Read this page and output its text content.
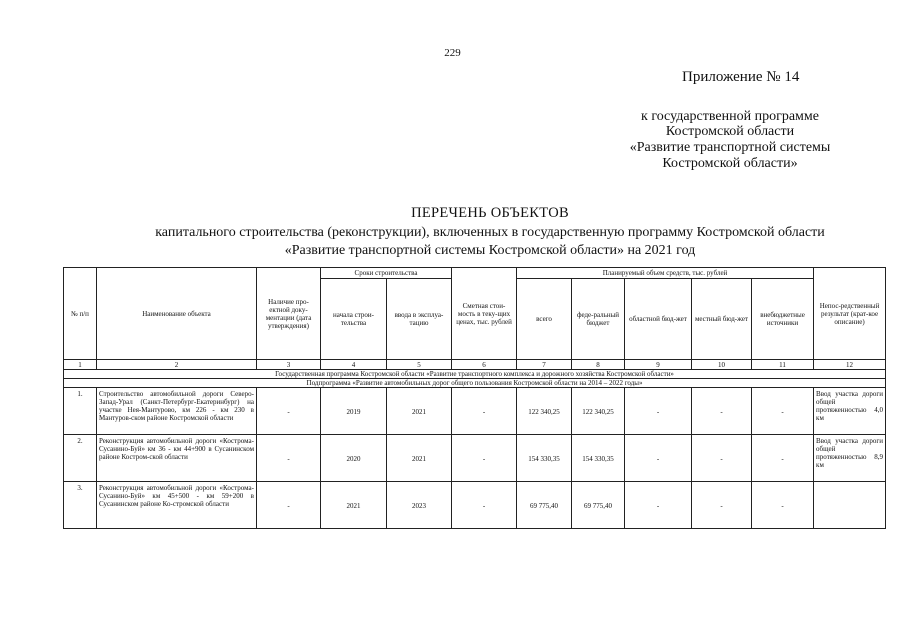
229
Приложение № 14
к государственной программе
Костромской области
«Развитие транспортной системы
Костромской области»
ПЕРЕЧЕНЬ ОБЪЕКТОВ
капитального строительства (реконструкции), включенных в государственную программу Костромской области
«Развитие транспортной системы Костромской области» на 2021 год
№ п/п	Наименование объекта	Наличие про-ектной доку-ментации (дата утверждения)	Сроки строительства		Сметная стои-мость в теку-щих ценах, тыс. рублей	Планируемый объем средств, тыс. рублей					Непос-редственный результат (крат-кое описание)
			начала строи-тельства	ввода в эксплуа-тацию		всего	феде-ральный бюджет	областной бюд-жет	местный бюд-жет	внебюджетные источники	
1	2	3	4	5	6	7	8	9	10	11	12
Государственная программа Костромской области «Развитие транспортного комплекса и дорожного хозяйства Костромской области»											
Подпрограмма «Развитие автомобильных дорог общего пользования Костромской области на 2014 – 2022 годы»											
1.	Строительство автомобильной дороги Северо-Запад-Урал (Санкт-Петербург-Екатеринбург) на участке Нея-Мантурово, км 226 - км 230 в Мантуров-ском районе Костромской области	-	2019	2021	-	122 340,25	122 340,25	-	-	-	Ввод участка дороги общей протяженностью 4,0 км
2.	Реконструкция автомобильной дороги «Кострома-Сусанино-Буй» км 36 - км 44+900 в Сусанинском районе Костром-ской области	-	2020	2021	-	154 330,35	154 330,35	-	-	-	Ввод участка дороги общей протяженностью 8,9 км
3.	Реконструкция автомобильной дороги «Кострома-Сусанино-Буй» км 45+500 - км 59+200 в Сусанинском районе Ко-стромской области	-	2021	2023	-	69 775,40	69 775,40	-	-	-	
